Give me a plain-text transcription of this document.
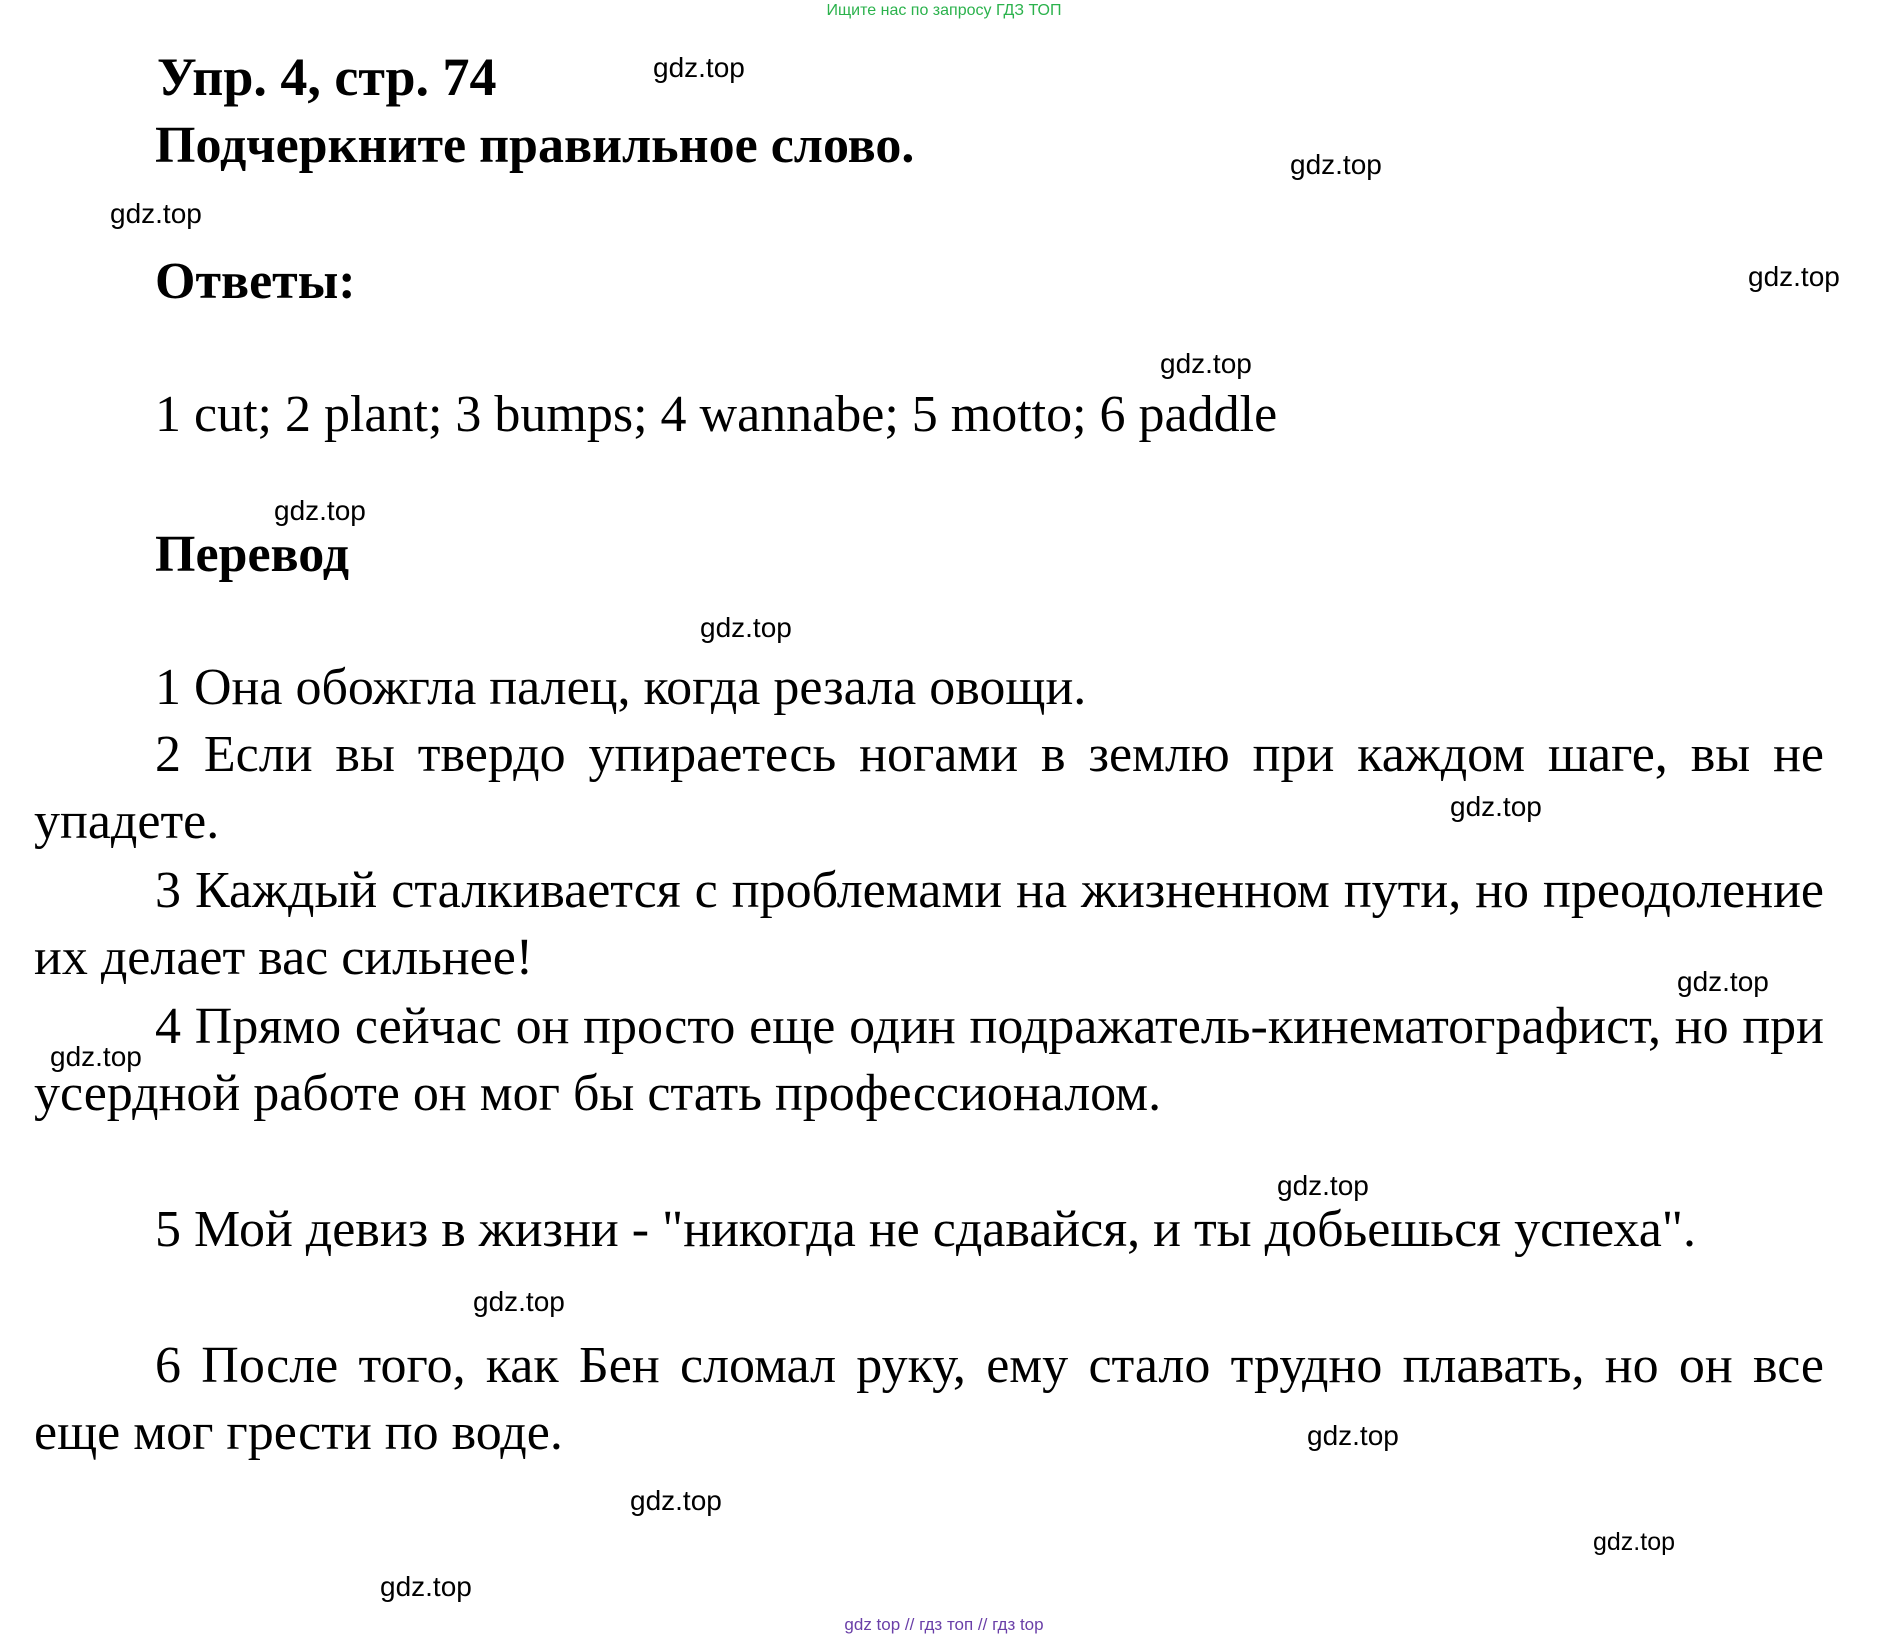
Ищите нас по запросу ГДЗ ТОП
Упр. 4, стр. 74
Подчеркните правильное слово.
Ответы:
1 cut; 2 plant; 3 bumps; 4 wannabe; 5 motto; 6 paddle
Перевод
1 Она обожгла палец, когда резала овощи.
2 Если вы твердо упираетесь ногами в землю при каждом шаге, вы не упадете.
3 Каждый сталкивается с проблемами на жизненном пути, но преодоление их делает вас сильнее!
4 Прямо сейчас он просто еще один подражатель-кинематографист, но при усердной работе он мог бы стать профессионалом.
5 Мой девиз в жизни - "никогда не сдавайся, и ты добьешься успеха".
6 После того, как Бен сломал руку, ему стало трудно плавать, но он все еще мог грести по воде.
gdz.top
gdz.top
gdz.top
gdz.top
gdz.top
gdz.top
gdz.top
gdz.top
gdz.top
gdz.top
gdz.top
gdz.top
gdz.top
gdz.top
gdz.top
gdz.top
gdz top // гдз топ // гдз top
